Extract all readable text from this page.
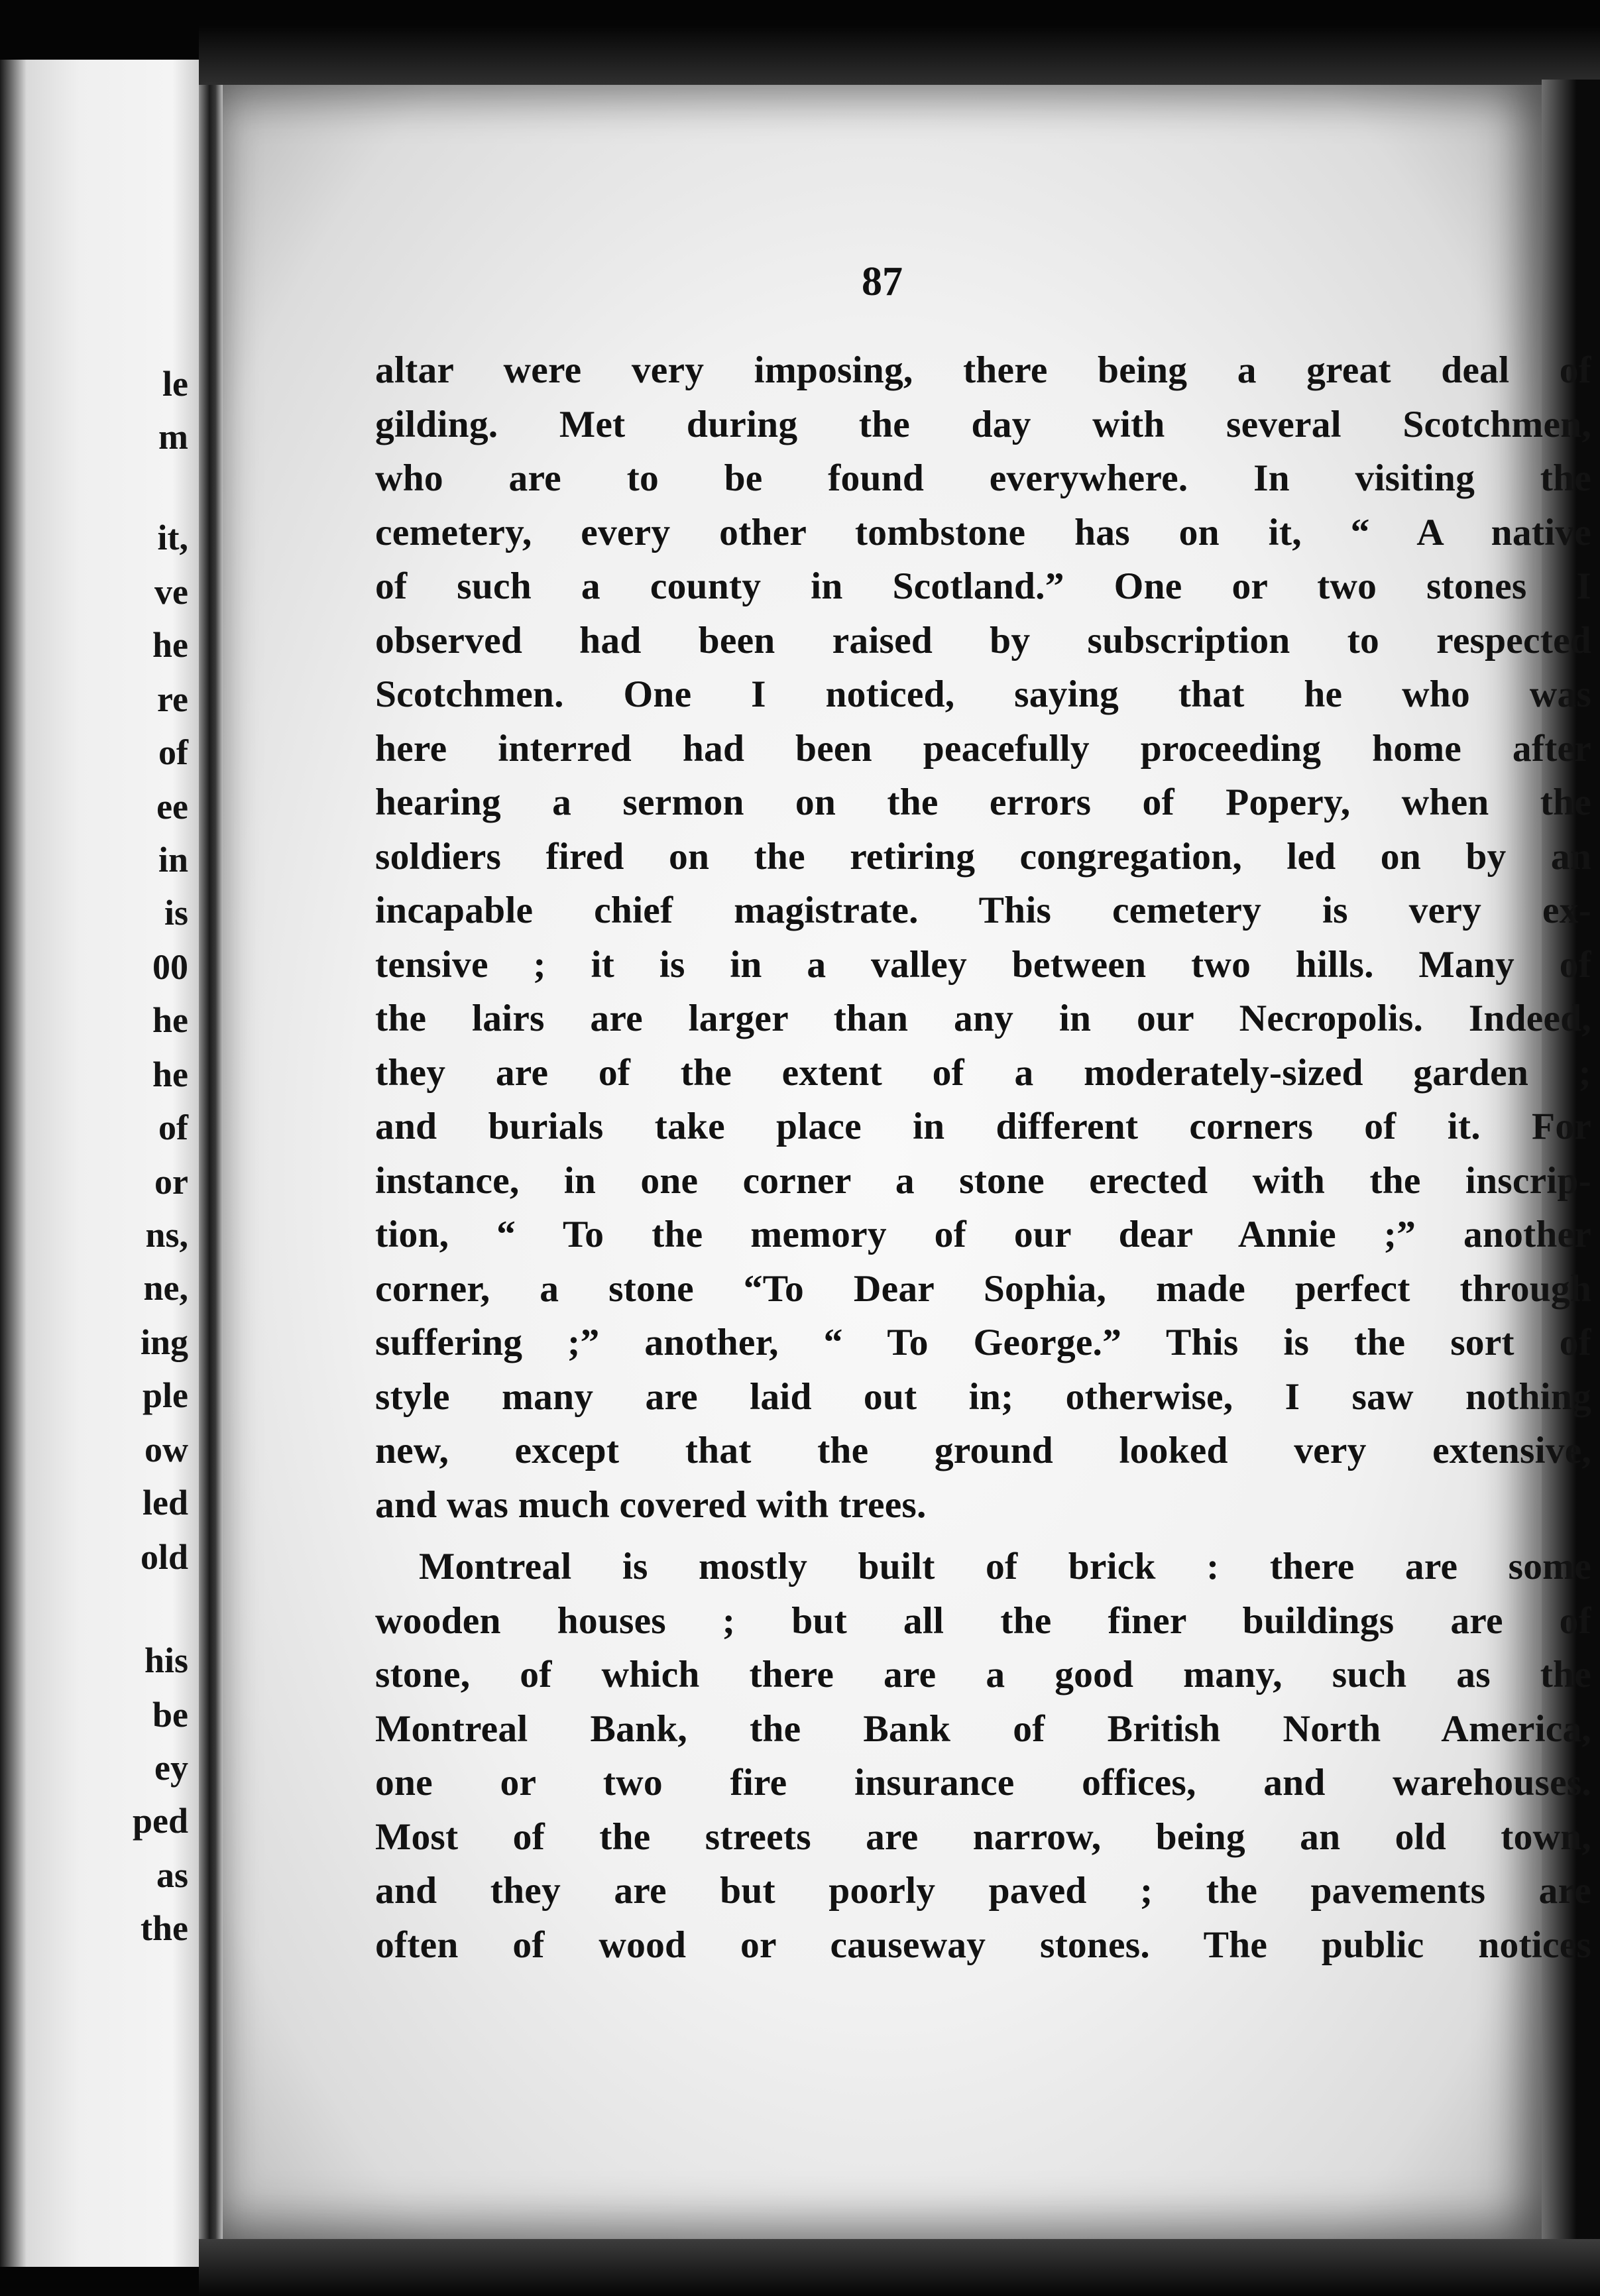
le
m
it,
ve
he
re
of
ee
in
is
00
he
he
of
or
ns,
ne,
ing
ple
ow
led
old
his
be
ey
ped
as
the
87
altar were very imposing, there being a great deal of
gilding. Met during the day with several Scotchmen,
who are to be found everywhere. In visiting the
cemetery, every other tombstone has on it, “ A native
of such a county in Scotland.” One or two stones I
observed had been raised by subscription to respected
Scotchmen. One I noticed, saying that he who was
here interred had been peacefully proceeding home after
hearing a sermon on the errors of Popery, when the
soldiers fired on the retiring congregation, led on by an
incapable chief magistrate. This cemetery is very ex-
tensive ; it is in a valley between two hills. Many of
the lairs are larger than any in our Necropolis. Indeed,
they are of the extent of a moderately-sized garden ;
and burials take place in different corners of it. For
instance, in one corner a stone erected with the inscrip-
tion, “ To the memory of our dear Annie ;” another
corner, a stone “To Dear Sophia, made perfect through
suffering ;” another, “ To George.” This is the sort of
style many are laid out in; otherwise, I saw nothing
new, except that the ground looked very extensive,
and was much covered with trees.
Montreal is mostly built of brick : there are some
wooden houses ; but all the finer buildings are of
stone, of which there are a good many, such as the
Montreal Bank, the Bank of British North America,
one or two fire insurance offices, and warehouses.
Most of the streets are narrow, being an old town,
and they are but poorly paved ; the pavements are
often of wood or causeway stones. The public notices
